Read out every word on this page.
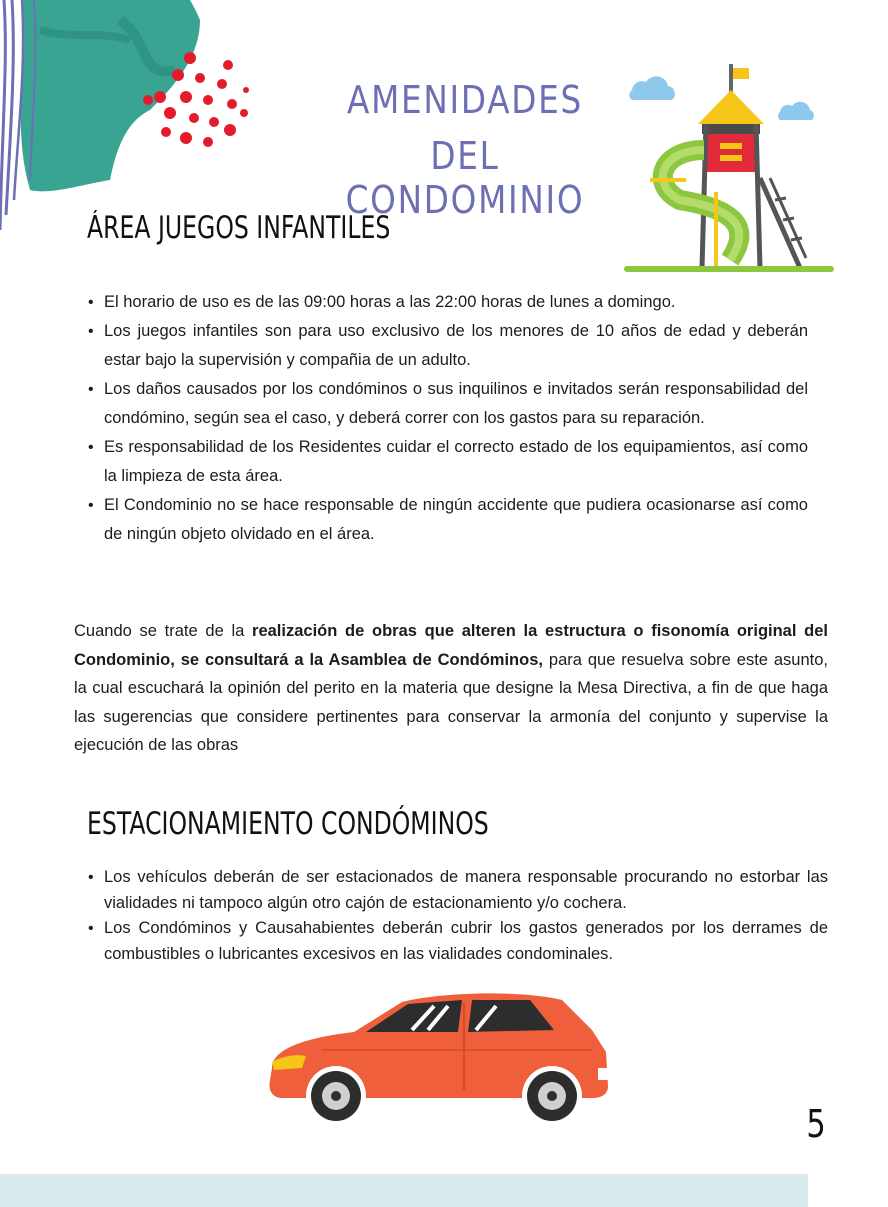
AMENIDADES
DEL CONDOMINIO
ÁREA JUEGOS INFANTILES
• El horario de uso es de las 09:00 horas a las 22:00 horas de lunes a domingo.
• Los juegos infantiles son para uso exclusivo de los menores de 10 años de edad y deberán estar bajo la supervisión y compañia de un adulto.
• Los daños causados por los condóminos o sus inquilinos e invitados serán responsabilidad del condómino, según sea el caso, y deberá correr con los gastos para su reparación.
• Es responsabilidad de los Residentes cuidar el correcto estado de los equipamientos, así como la limpieza de esta área.
• El Condominio no se hace responsable de ningún accidente que pudiera ocasionarse así como de ningún objeto olvidado en el área.

Cuando se trate de la realización de obras que alteren la estructura o fisonomía original del Condominio, se consultará a la Asamblea de Condóminos, para que resuelva sobre este asunto, la cual escuchará la opinión del perito en la materia que designe la Mesa Directiva, a fin de que haga las sugerencias que considere pertinentes para conservar la armonía del conjunto y supervise la ejecución de las obras

ESTACIONAMIENTO CONDÓMINOS
• Los vehículos deberán de ser estacionados de manera responsable procurando no estorbar las vialidades ni tampoco algún otro cajón de estacionamiento y/o cochera.
• Los Condóminos y Causahabientes deberán cubrir los gastos generados por los derrames de combustibles o lubricantes excesivos en las vialidades condominales.
5
